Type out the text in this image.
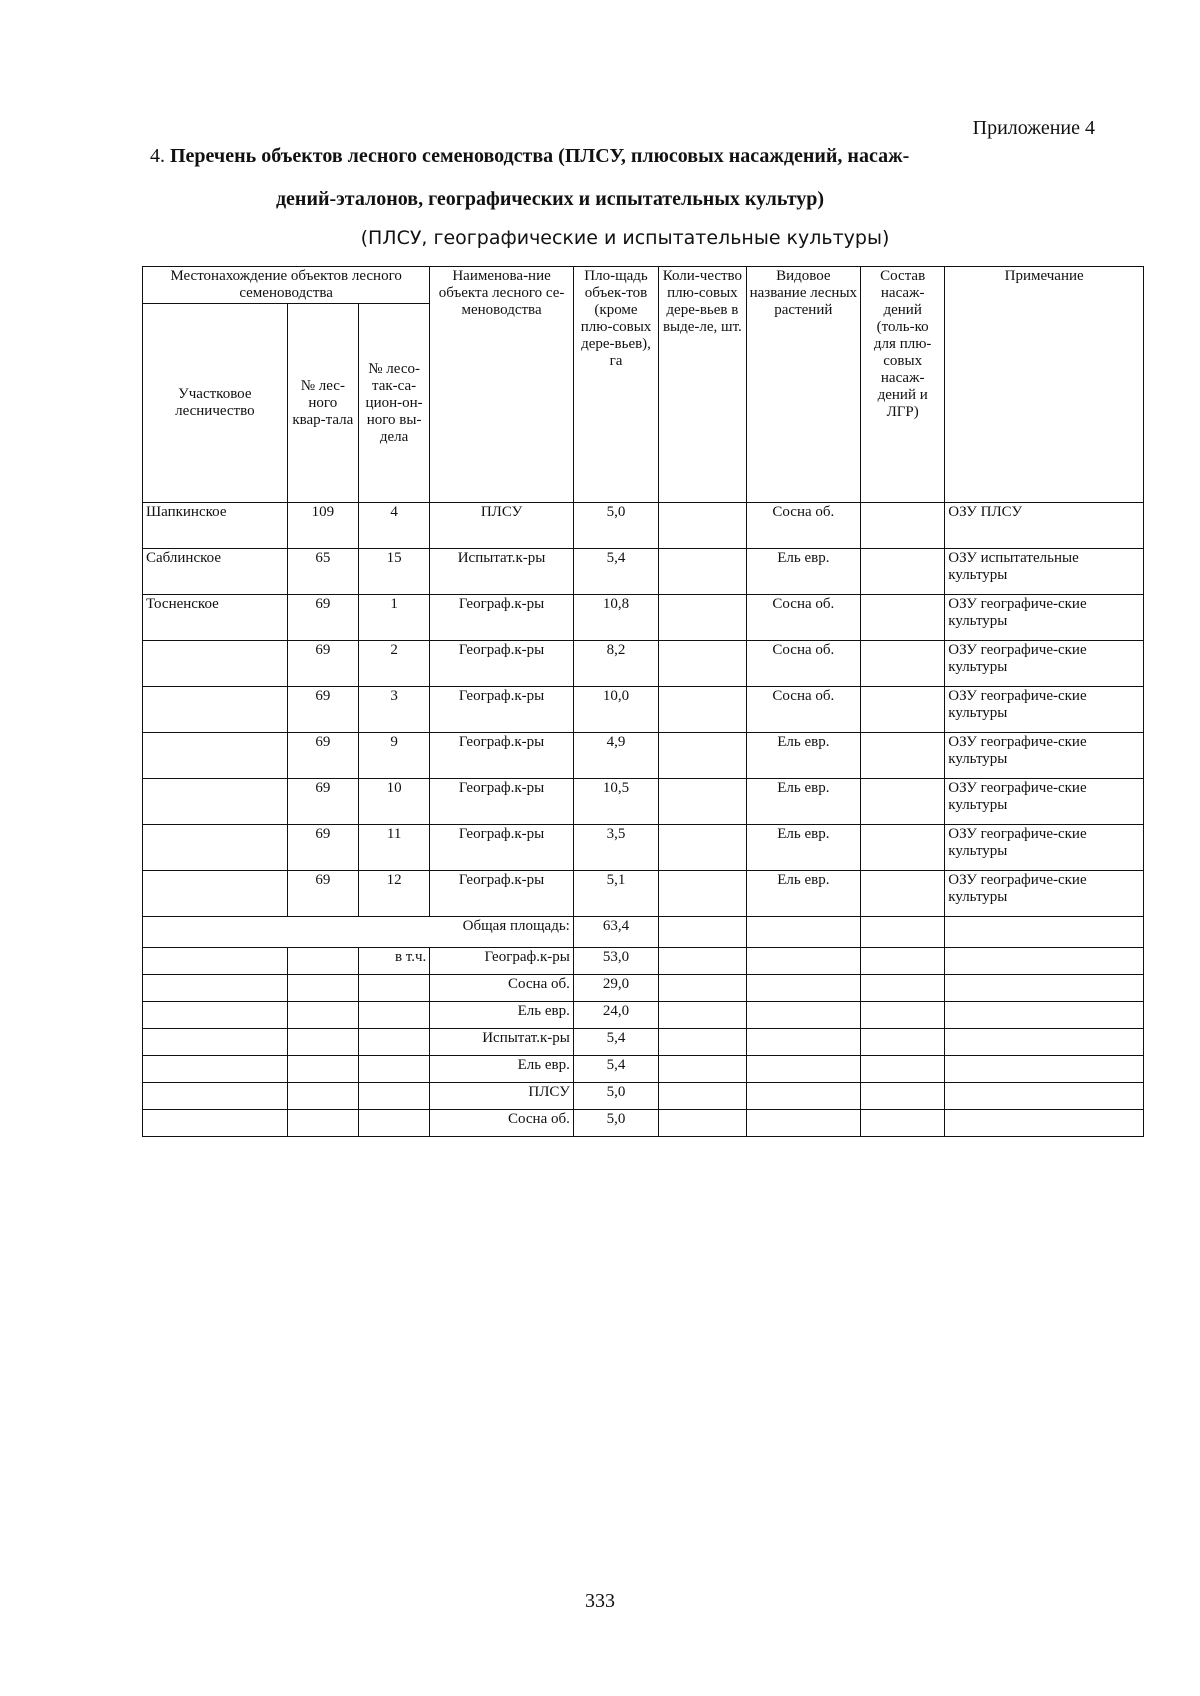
Приложение 4
4. Перечень объектов лесного семеноводства (ПЛСУ, плюсовых насаждений, насаж-
дений-эталонов, географических и испытательных культур)
(ПЛСУ, географические и испытательные культуры)
Местонахождение объектов лесного семеноводства			Наименова-ние объекта лесного се-меноводства	Пло-щадь объек-тов (кроме плю-совых дере-вьев), га	Коли-чество плю-совых дере-вьев в выде-ле, шт.	Видовое название лесных растений	Состав насаж-дений (толь-ко для плю-совых насаж-дений и ЛГР)	Примечание
Участковое лесничество	№ лес-ного квар-тала	№ лесо-так-са-цион-он-ного вы-дела						
Шапкинское	109	4	ПЛСУ	5,0		Сосна об.		ОЗУ ПЛСУ
Саблинское	65	15	Испытат.к-ры	5,4		Ель евр.		ОЗУ испытательные культуры
Тосненское	69	1	Географ.к-ры	10,8		Сосна об.		ОЗУ географиче-ские культуры
	69	2	Географ.к-ры	8,2		Сосна об.		ОЗУ географиче-ские культуры
	69	3	Географ.к-ры	10,0		Сосна об.		ОЗУ географиче-ские культуры
	69	9	Географ.к-ры	4,9		Ель евр.		ОЗУ географиче-ские культуры
	69	10	Географ.к-ры	10,5		Ель евр.		ОЗУ географиче-ские культуры
	69	11	Географ.к-ры	3,5		Ель евр.		ОЗУ географиче-ские культуры
	69	12	Географ.к-ры	5,1		Ель евр.		ОЗУ географиче-ские культуры
Общая площадь:				63,4				
		в т.ч.	Географ.к-ры	53,0				
			Сосна об.	29,0				
			Ель евр.	24,0				
			Испытат.к-ры	5,4				
			Ель евр.	5,4				
			ПЛСУ	5,0				
			Сосна об.	5,0				
333
